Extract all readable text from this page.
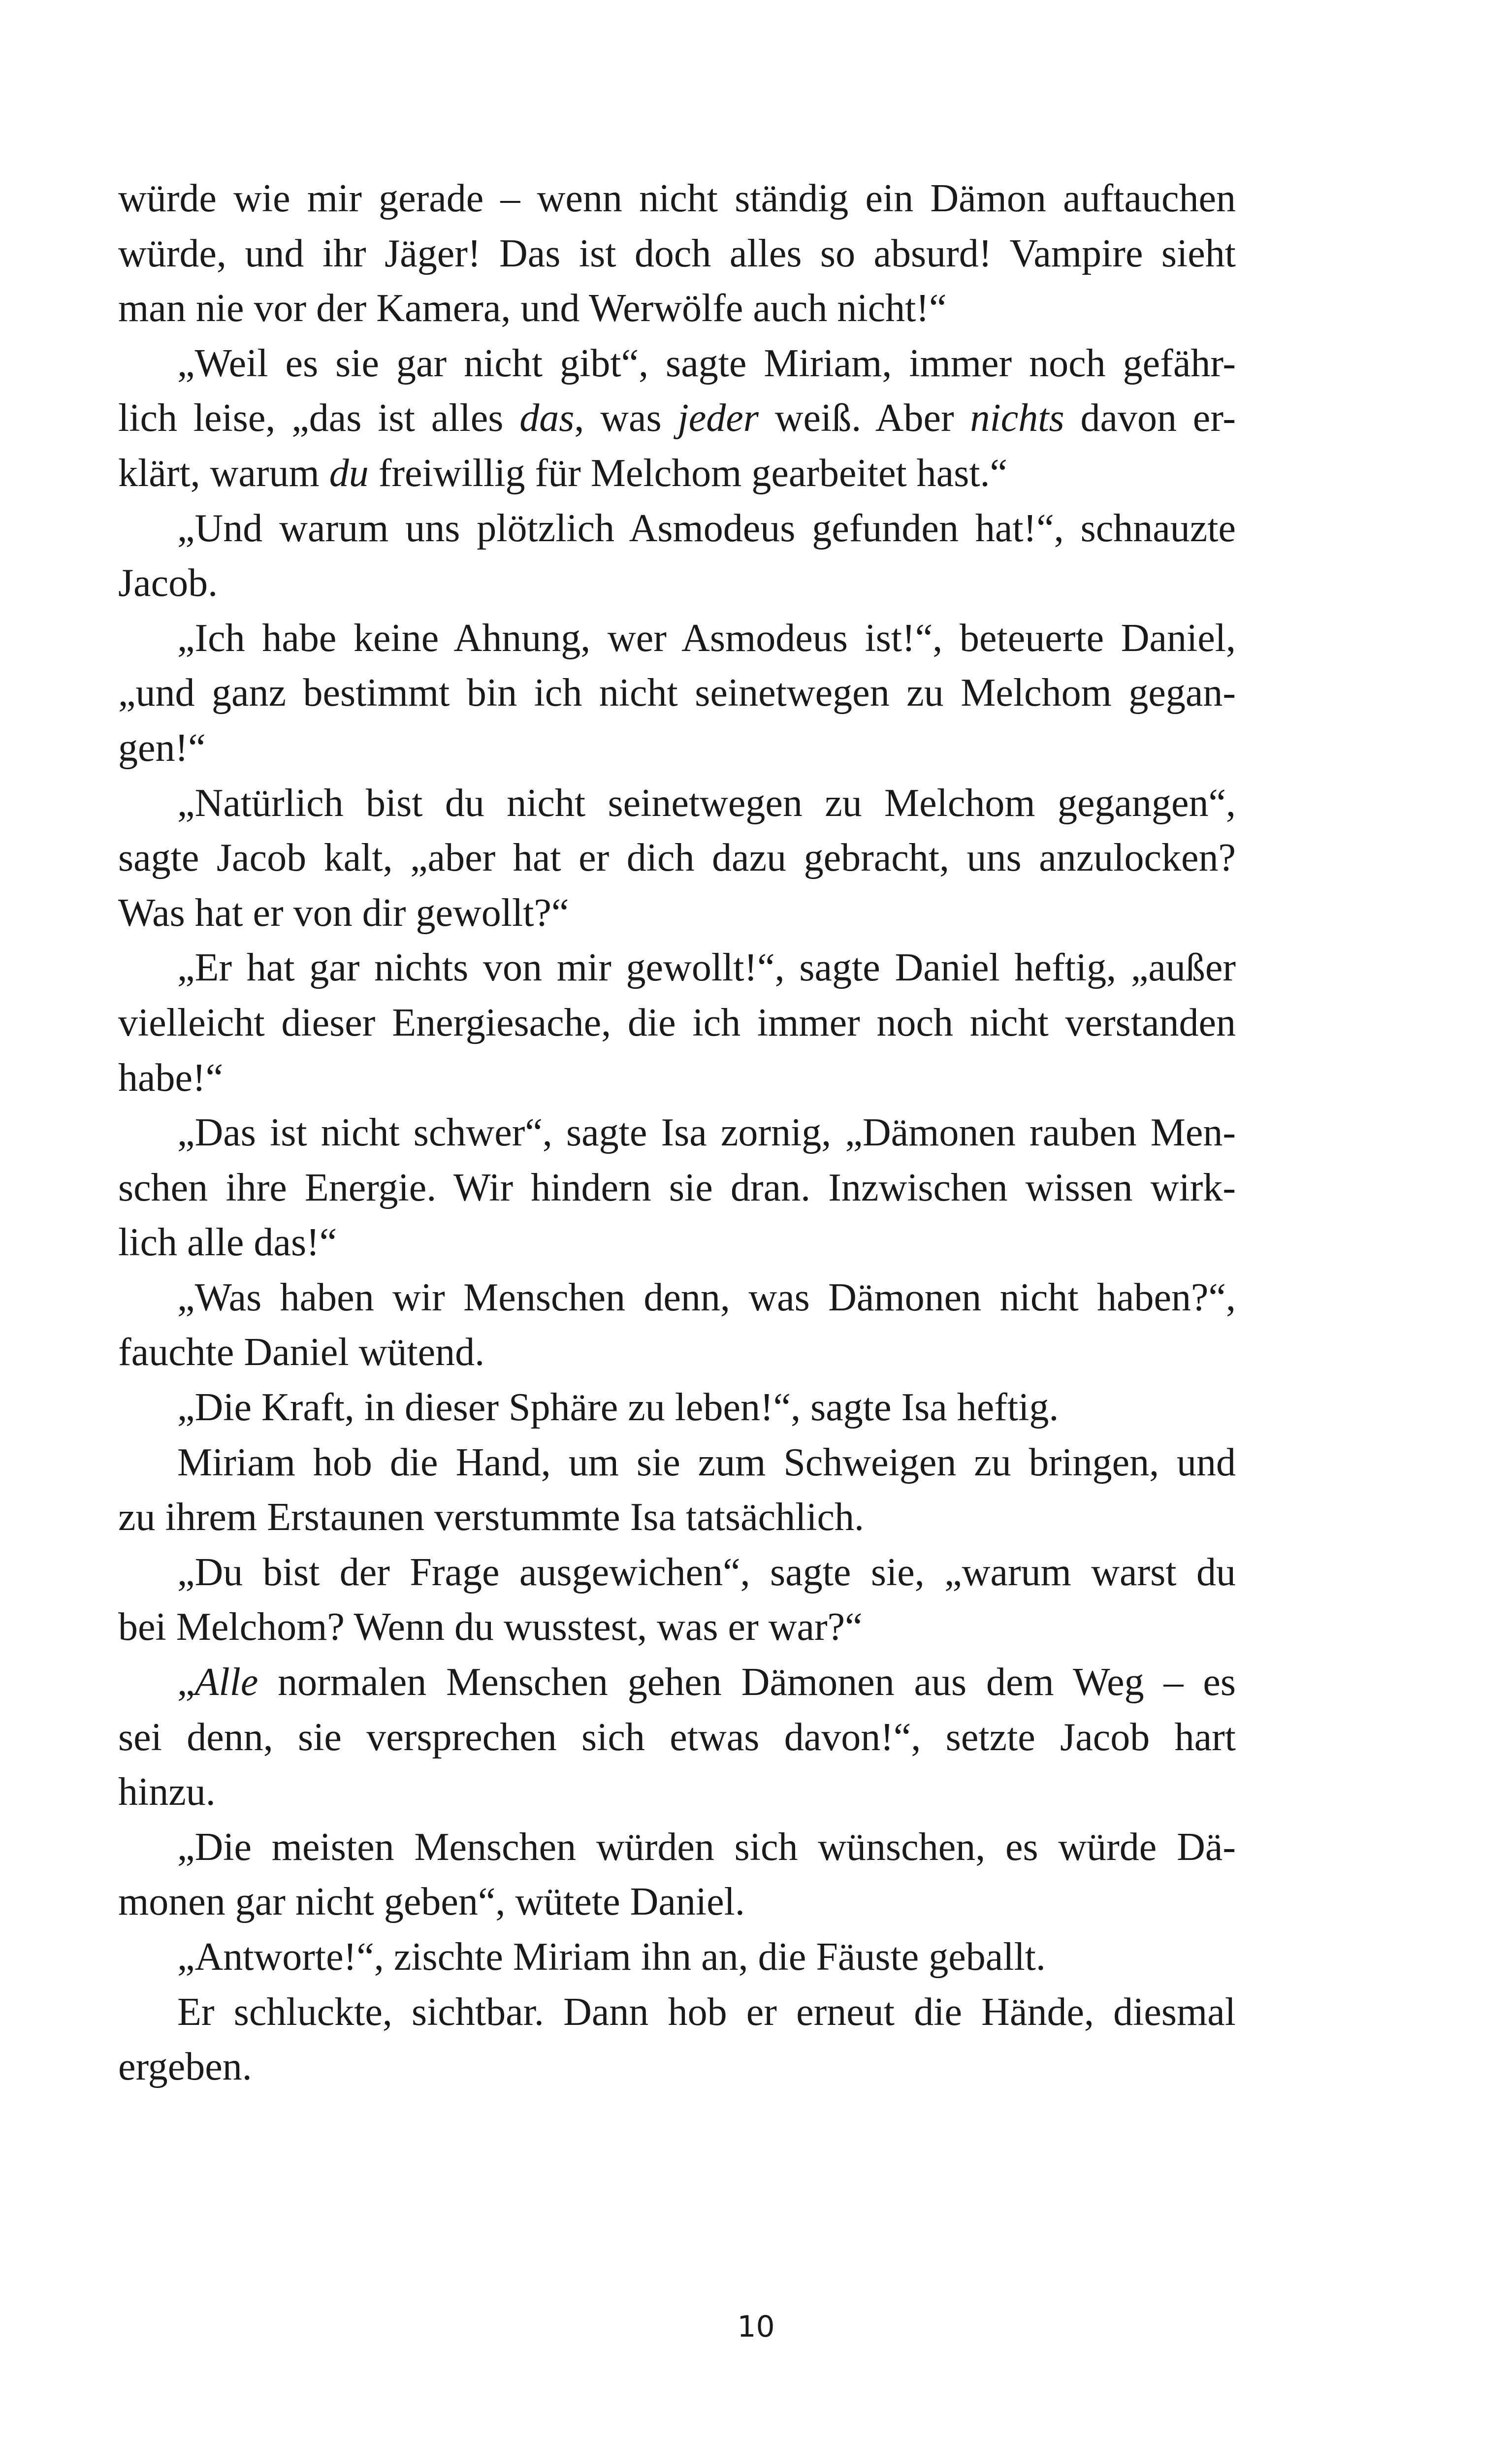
würde wie mir gerade – wenn nicht ständig ein Dämon auftauchen
würde, und ihr Jäger! Das ist doch alles so absurd! Vampire sieht
man nie vor der Kamera, und Werwölfe auch nicht!“
„Weil es sie gar nicht gibt“, sagte Miriam, immer noch gefähr-
lich leise, „das ist alles das, was jeder weiß. Aber nichts davon er-
klärt, warum du freiwillig für Melchom gearbeitet hast.“
„Und warum uns plötzlich Asmodeus gefunden hat!“, schnauzte
Jacob.
„Ich habe keine Ahnung, wer Asmodeus ist!“, beteuerte Daniel,
„und ganz bestimmt bin ich nicht seinetwegen zu Melchom gegan-
gen!“
„Natürlich bist du nicht seinetwegen zu Melchom gegangen“,
sagte Jacob kalt, „aber hat er dich dazu gebracht, uns anzulocken?
Was hat er von dir gewollt?“
„Er hat gar nichts von mir gewollt!“, sagte Daniel heftig, „außer
vielleicht dieser Energiesache, die ich immer noch nicht verstanden
habe!“
„Das ist nicht schwer“, sagte Isa zornig, „Dämonen rauben Men-
schen ihre Energie. Wir hindern sie dran. Inzwischen wissen wirk-
lich alle das!“
„Was haben wir Menschen denn, was Dämonen nicht haben?“,
fauchte Daniel wütend.
„Die Kraft, in dieser Sphäre zu leben!“, sagte Isa heftig.
Miriam hob die Hand, um sie zum Schweigen zu bringen, und
zu ihrem Erstaunen verstummte Isa tatsächlich.
„Du bist der Frage ausgewichen“, sagte sie, „warum warst du
bei Melchom? Wenn du wusstest, was er war?“
„Alle normalen Menschen gehen Dämonen aus dem Weg – es
sei denn, sie versprechen sich etwas davon!“, setzte Jacob hart
hinzu.
„Die meisten Menschen würden sich wünschen, es würde Dä-
monen gar nicht geben“, wütete Daniel.
„Antworte!“, zischte Miriam ihn an, die Fäuste geballt.
Er schluckte, sichtbar. Dann hob er erneut die Hände, diesmal
ergeben.
10
